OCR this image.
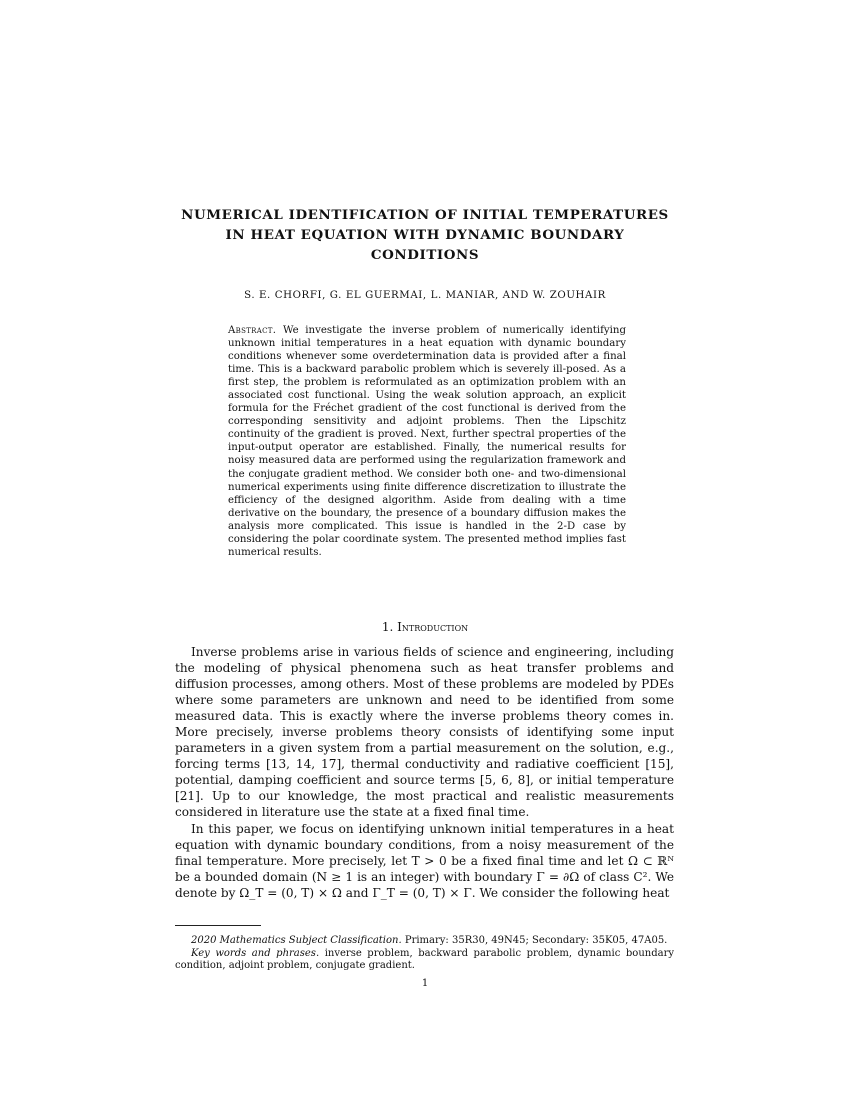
NUMERICAL IDENTIFICATION OF INITIAL TEMPERATURES
IN HEAT EQUATION WITH DYNAMIC BOUNDARY
CONDITIONS
S. E. CHORFI, G. EL GUERMAI, L. MANIAR, AND W. ZOUHAIR
Abstract. We investigate the inverse problem of numerically identifying unknown initial temperatures in a heat equation with dynamic boundary conditions whenever some overdetermination data is provided after a final time. This is a backward parabolic problem which is severely ill-posed. As a first step, the problem is reformulated as an optimization problem with an associated cost functional. Using the weak solution approach, an explicit formula for the Fréchet gradient of the cost functional is derived from the corresponding sensitivity and adjoint problems. Then the Lipschitz continuity of the gradient is proved. Next, further spectral properties of the input-output operator are established. Finally, the numerical results for noisy measured data are performed using the regularization framework and the conjugate gradient method. We consider both one- and two-dimensional numerical experiments using finite difference discretization to illustrate the efficiency of the designed algorithm. Aside from dealing with a time derivative on the boundary, the presence of a boundary diffusion makes the analysis more complicated. This issue is handled in the 2-D case by considering the polar coordinate system. The presented method implies fast numerical results.
1. Introduction

Inverse problems arise in various fields of science and engineering, including the modeling of physical phenomena such as heat transfer problems and diffusion processes, among others. Most of these problems are modeled by PDEs where some parameters are unknown and need to be identified from some measured data. This is exactly where the inverse problems theory comes in. More precisely, inverse problems theory consists of identifying some input parameters in a given system from a partial measurement on the solution, e.g., forcing terms [13, 14, 17], thermal conductivity and radiative coefficient [15], potential, damping coefficient and source terms [5, 6, 8], or initial temperature [21]. Up to our knowledge, the most practical and realistic measurements considered in literature use the state at a fixed final time.

In this paper, we focus on identifying unknown initial temperatures in a heat equation with dynamic boundary conditions, from a noisy measurement of the final temperature. More precisely, let T > 0 be a fixed final time and let Ω ⊂ ℝᴺ be a bounded domain (N ≥ 1 is an integer) with boundary Γ = ∂Ω of class C². We denote by Ω_T = (0, T) × Ω and Γ_T = (0, T) × Γ. We consider the following heat

2020 Mathematics Subject Classification. Primary: 35R30, 49N45; Secondary: 35K05, 47A05.

Key words and phrases. inverse problem, backward parabolic problem, dynamic boundary condition, adjoint problem, conjugate gradient.

1
